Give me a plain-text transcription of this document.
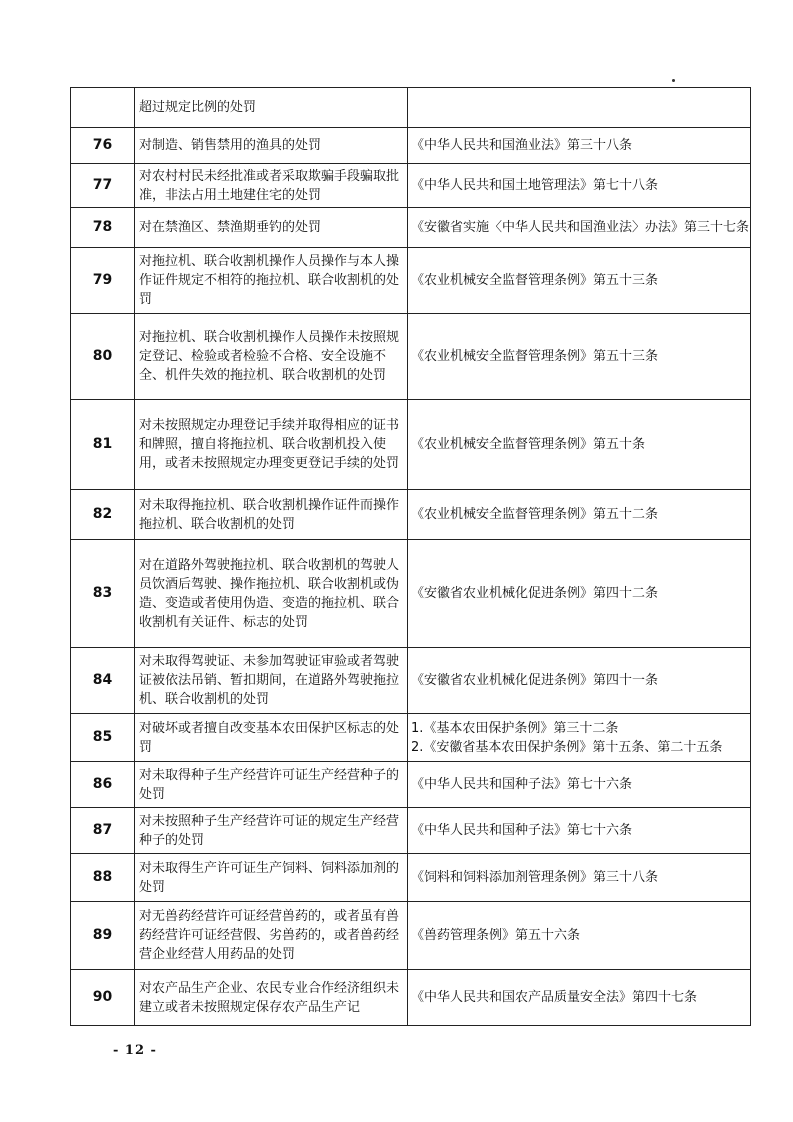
	超过规定比例的处罚	

76	对制造、销售禁用的渔具的处罚	《中华人民共和国渔业法》第三十八条

77	对农村村民未经批准或者采取欺骗手段骗取批准，非法占用土地建住宅的处罚	《中华人民共和国土地管理法》第七十八条

78	对在禁渔区、禁渔期垂钓的处罚	《安徽省实施〈中华人民共和国渔业法〉办法》第三十七条

79	对拖拉机、联合收割机操作人员操作与本人操作证件规定不相符的拖拉机、联合收割机的处罚	《农业机械安全监督管理条例》第五十三条

80	对拖拉机、联合收割机操作人员操作未按照规定登记、检验或者检验不合格、安全设施不全、机件失效的拖拉机、联合收割机的处罚	《农业机械安全监督管理条例》第五十三条

81	对未按照规定办理登记手续并取得相应的证书和牌照，擅自将拖拉机、联合收割机投入使用，或者未按照规定办理变更登记手续的处罚	《农业机械安全监督管理条例》第五十条

82	对未取得拖拉机、联合收割机操作证件而操作拖拉机、联合收割机的处罚	《农业机械安全监督管理条例》第五十二条

83	对在道路外驾驶拖拉机、联合收割机的驾驶人员饮酒后驾驶、操作拖拉机、联合收割机或伪造、变造或者使用伪造、变造的拖拉机、联合收割机有关证件、标志的处罚	《安徽省农业机械化促进条例》第四十二条

84	对未取得驾驶证、未参加驾驶证审验或者驾驶证被依法吊销、暂扣期间，在道路外驾驶拖拉机、联合收割机的处罚	《安徽省农业机械化促进条例》第四十一条

85	对破坏或者擅自改变基本农田保护区标志的处罚	1.《基本农田保护条例》第三十二条
2.《安徽省基本农田保护条例》第十五条、第二十五条

86	对未取得种子生产经营许可证生产经营种子的处罚	《中华人民共和国种子法》第七十六条

87	对未按照种子生产经营许可证的规定生产经营种子的处罚	《中华人民共和国种子法》第七十六条

88	对未取得生产许可证生产饲料、饲料添加剂的处罚	《饲料和饲料添加剂管理条例》第三十八条

89	对无兽药经营许可证经营兽药的，或者虽有兽药经营许可证经营假、劣兽药的，或者兽药经营企业经营人用药品的处罚	《兽药管理条例》第五十六条

90	对农产品生产企业、农民专业合作经济组织未建立或者未按照规定保存农产品生产记	《中华人民共和国农产品质量安全法》第四十七条
- 12 -
